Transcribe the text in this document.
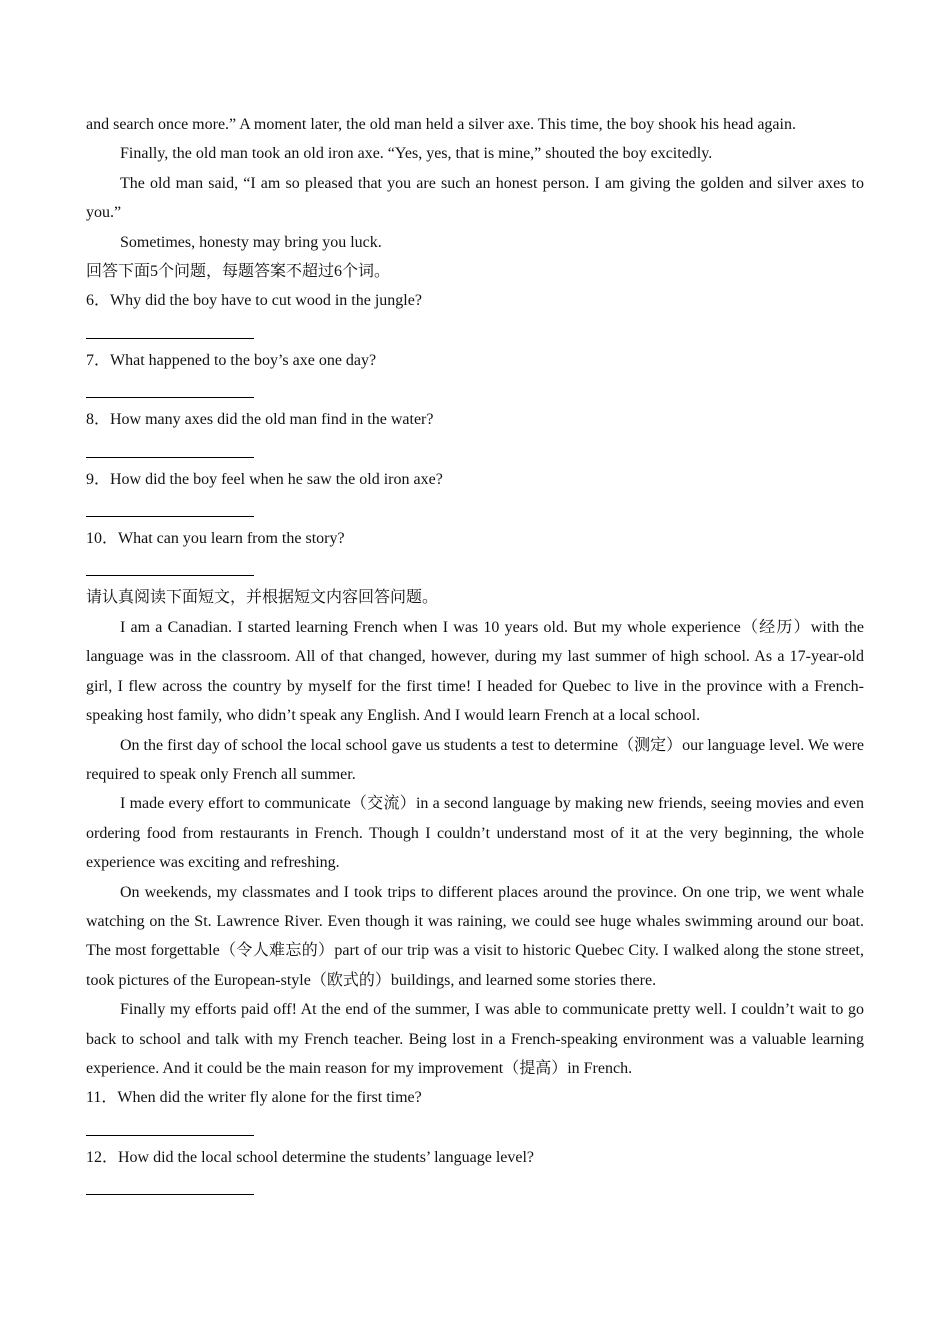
and search once more.” A moment later, the old man held a silver axe. This time, the boy shook his head again.

Finally, the old man took an old iron axe. “Yes, yes, that is mine,” shouted the boy excitedly.

The old man said, “I am so pleased that you are such an honest person. I am giving the golden and silver axes to you.”

Sometimes, honesty may bring you luck.

回答下面5个问题，每题答案不超过6个词。

6．Why did the boy have to cut wood in the jungle?

7．What happened to the boy’s axe one day?

8．How many axes did the old man find in the water?

9．How did the boy feel when he saw the old iron axe?

10．What can you learn from the story?

请认真阅读下面短文，并根据短文内容回答问题。

I am a Canadian. I started learning French when I was 10 years old. But my whole experience（经历）with the language was in the classroom. All of that changed, however, during my last summer of high school. As a 17-year-old girl, I flew across the country by myself for the first time! I headed for Quebec to live in the province with a French-speaking host family, who didn’t speak any English. And I would learn French at a local school.

On the first day of school the local school gave us students a test to determine（测定）our language level. We were required to speak only French all summer.

I made every effort to communicate（交流）in a second language by making new friends, seeing movies and even ordering food from restaurants in French. Though I couldn’t understand most of it at the very beginning, the whole experience was exciting and refreshing.

On weekends, my classmates and I took trips to different places around the province. On one trip, we went whale watching on the St. Lawrence River. Even though it was raining, we could see huge whales swimming around our boat. The most forgettable（令人难忘的）part of our trip was a visit to historic Quebec City. I walked along the stone street, took pictures of the European-style（欧式的）buildings, and learned some stories there.

Finally my efforts paid off! At the end of the summer, I was able to communicate pretty well. I couldn’t wait to go back to school and talk with my French teacher. Being lost in a French-speaking environment was a valuable learning experience. And it could be the main reason for my improvement（提高）in French.

11．When did the writer fly alone for the first time?

12．How did the local school determine the students’ language level?
